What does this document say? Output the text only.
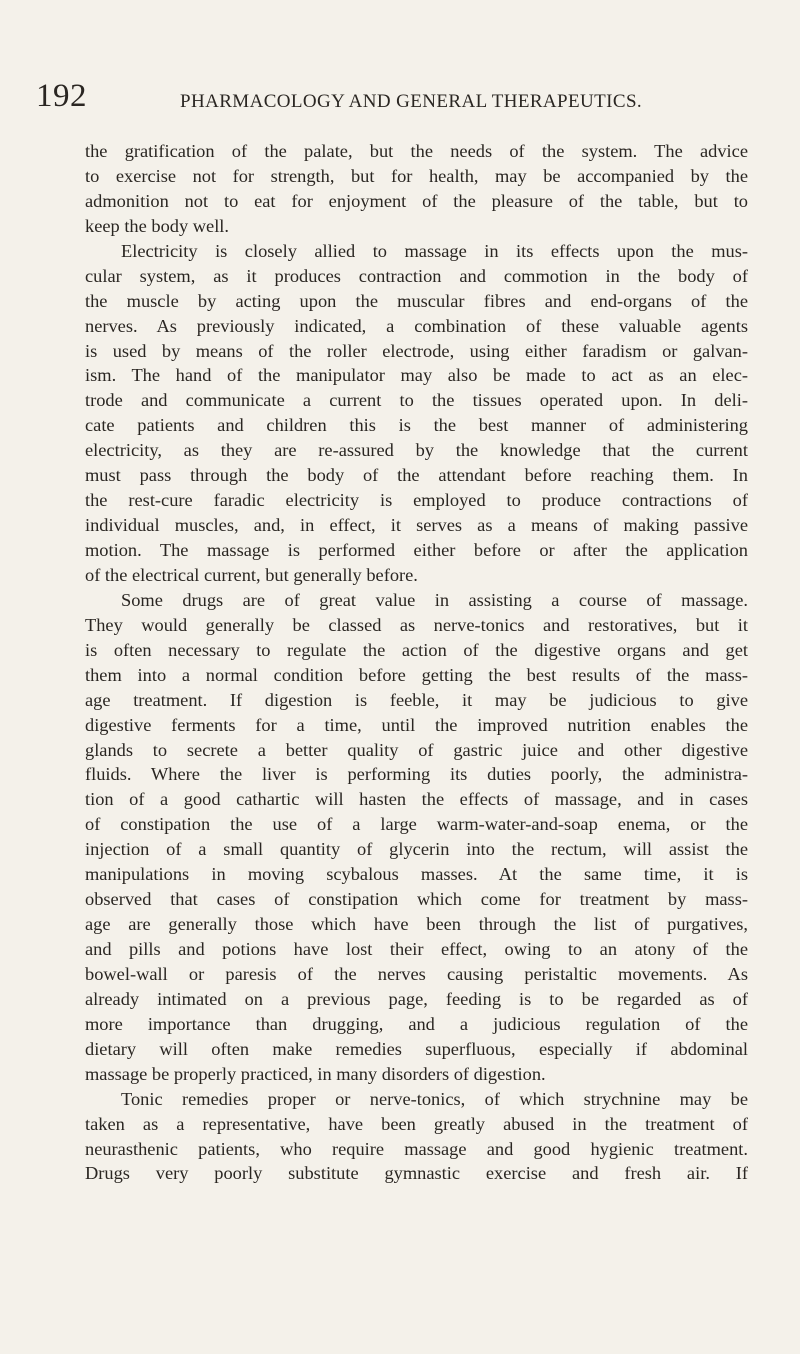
192	PHARMACOLOGY AND GENERAL THERAPEUTICS.
the gratification of the palate, but the needs of the system. The advice
to exercise not for strength, but for health, may be accompanied by the
admonition not to eat for enjoyment of the pleasure of the table, but to
keep the body well.
Electricity is closely allied to massage in its effects upon the mus-
cular system, as it produces contraction and commotion in the body of
the muscle by acting upon the muscular fibres and end-organs of the
nerves. As previously indicated, a combination of these valuable agents
is used by means of the roller electrode, using either faradism or galvan-
ism. The hand of the manipulator may also be made to act as an elec-
trode and communicate a current to the tissues operated upon. In deli-
cate patients and children this is the best manner of administering
electricity, as they are re-assured by the knowledge that the current
must pass through the body of the attendant before reaching them. In
the rest-cure faradic electricity is employed to produce contractions of
individual muscles, and, in effect, it serves as a means of making passive
motion. The massage is performed either before or after the application
of the electrical current, but generally before.
Some drugs are of great value in assisting a course of massage.
They would generally be classed as nerve-tonics and restoratives, but it
is often necessary to regulate the action of the digestive organs and get
them into a normal condition before getting the best results of the mass-
age treatment. If digestion is feeble, it may be judicious to give
digestive ferments for a time, until the improved nutrition enables the
glands to secrete a better quality of gastric juice and other digestive
fluids. Where the liver is performing its duties poorly, the administra-
tion of a good cathartic will hasten the effects of massage, and in cases
of constipation the use of a large warm-water-and-soap enema, or the
injection of a small quantity of glycerin into the rectum, will assist the
manipulations in moving scybalous masses. At the same time, it is
observed that cases of constipation which come for treatment by mass-
age are generally those which have been through the list of purgatives,
and pills and potions have lost their effect, owing to an atony of the
bowel-wall or paresis of the nerves causing peristaltic movements. As
already intimated on a previous page, feeding is to be regarded as of
more importance than drugging, and a judicious regulation of the
dietary will often make remedies superfluous, especially if abdominal
massage be properly practiced, in many disorders of digestion.
Tonic remedies proper or nerve-tonics, of which strychnine may be
taken as a representative, have been greatly abused in the treatment of
neurasthenic patients, who require massage and good hygienic treatment.
Drugs very poorly substitute gymnastic exercise and fresh air. If
